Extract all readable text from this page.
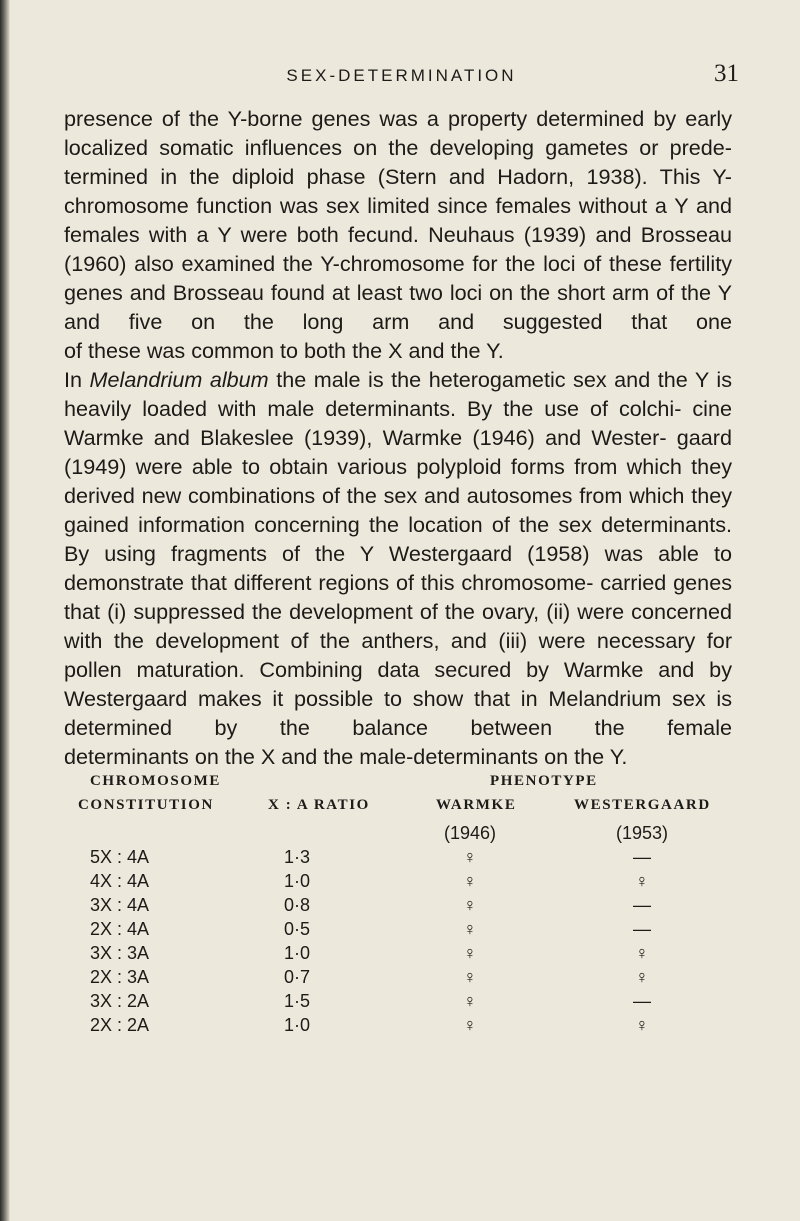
SEX-DETERMINATION	31

presence of the Y-borne genes was a property determined by early localized somatic influences on the developing gametes or prede- termined in the diploid phase (Stern and Hadorn, 1938). This Y-chromosome function was sex limited since females without a Y and females with a Y were both fecund. Neuhaus (1939) and Brosseau (1960) also examined the Y-chromosome for the loci of these fertility genes and Brosseau found at least two loci on the short arm of the Y and five on the long arm and suggested that one
of these was common to both the X and the Y.

In Melandrium album the male is the heterogametic sex and the Y is heavily loaded with male determinants. By the use of colchi- cine Warmke and Blakeslee (1939), Warmke (1946) and Wester- gaard (1949) were able to obtain various polyploid forms from which they derived new combinations of the sex and autosomes from which they gained information concerning the location of the sex determinants. By using fragments of the Y Westergaard (1958) was able to demonstrate that different regions of this chromosome- carried genes that (i) suppressed the development of the ovary, (ii) were concerned with the development of the anthers, and (iii) were necessary for pollen maturation. Combining data secured by Warmke and by Westergaard makes it possible to show that in Melandrium sex is determined by the balance between the female
determinants on the X and the male-determinants on the Y.

CHROMOSOME
CONSTITUTION	X : A RATIO
PHENOTYPE
WARMKE	WESTERGAARD
(1946)	(1953)
5X : 4A	1·3	♀	—
4X : 4A	1·0	♀	♀
3X : 4A	0·8	♀	—
2X : 4A	0·5	♀	—
3X : 3A	1·0	♀	♀
2X : 3A	0·7	♀	♀
3X : 2A	1·5	♀	—
2X : 2A	1·0	♀	♀
